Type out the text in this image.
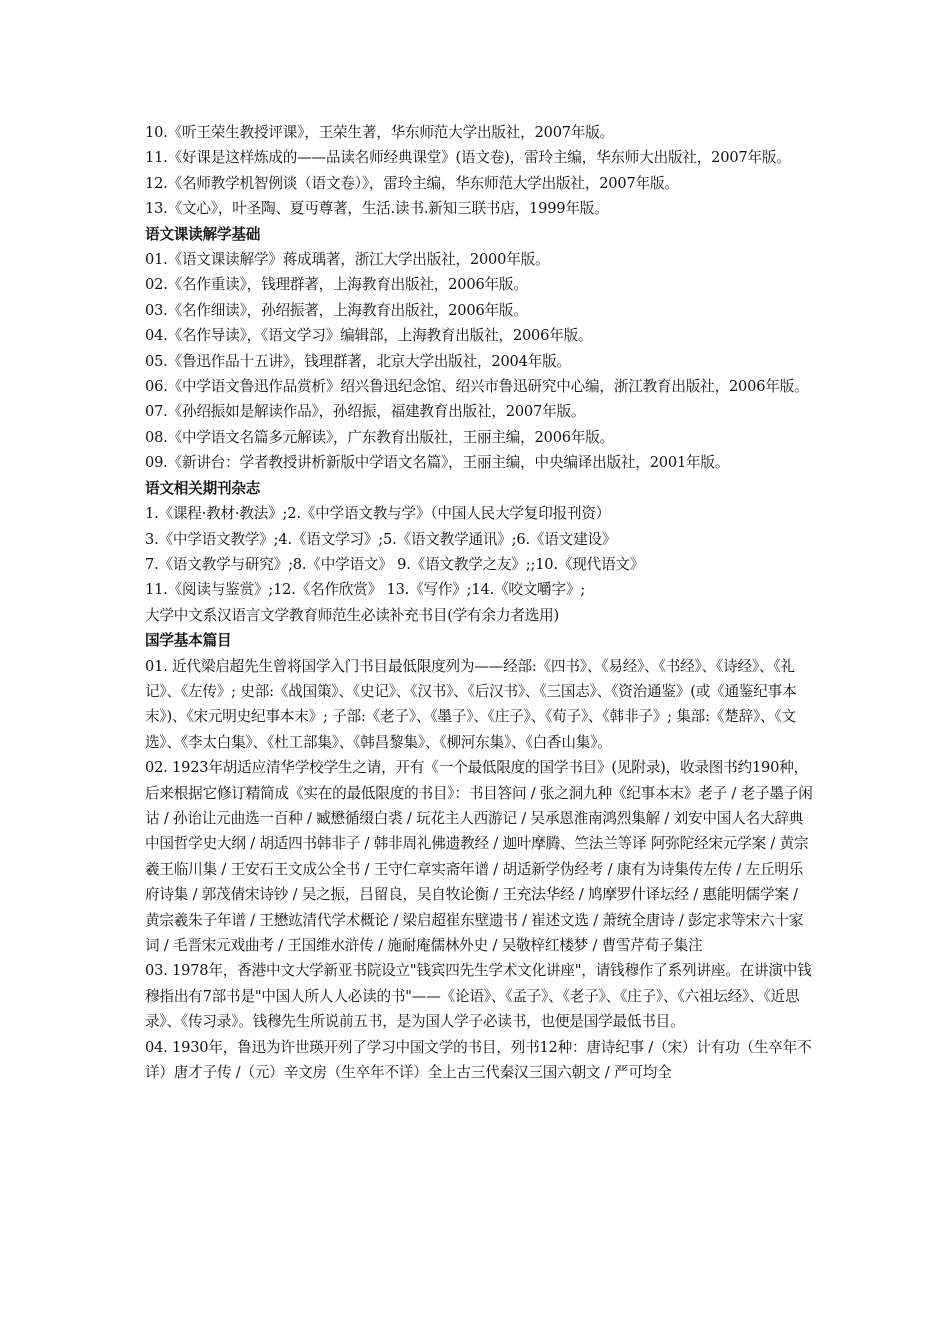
10.《听王荣生教授评课》，王荣生著，华东师范大学出版社，2007年版。

11.《好课是这样炼成的——品读名师经典课堂》(语文卷)，雷玲主编，华东师大出版社，2007年版。

12.《名师教学机智例谈（语文卷）》，雷玲主编，华东师范大学出版社，2007年版。

13.《文心》，叶圣陶、夏丏尊著，生活.读书.新知三联书店，1999年版。

语文课读解学基础

01.《语文课读解学》蒋成瑀著，浙江大学出版社，2000年版。

02.《名作重读》，钱理群著，上海教育出版社，2006年版。

03.《名作细读》，孙绍振著，上海教育出版社，2006年版。

04.《名作导读》，《语文学习》编辑部，上海教育出版社，2006年版。

05.《鲁迅作品十五讲》，钱理群著，北京大学出版社，2004年版。

06.《中学语文鲁迅作品赏析》绍兴鲁迅纪念馆、绍兴市鲁迅研究中心编，浙江教育出版社，2006年版。

07.《孙绍振如是解读作品》，孙绍振，福建教育出版社，2007年版。

08.《中学语文名篇多元解读》，广东教育出版社，王丽主编，2006年版。

09.《新讲台：学者教授讲析新版中学语文名篇》，王丽主编，中央编译出版社，2001年版。

语文相关期刊杂志

1.《课程·教材·教法》;2.《中学语文教与学》（中国人民大学复印报刊资）

3.《中学语文教学》;4.《语文学习》;5.《语文教学通讯》;6.《语文建设》

7.《语文教学与研究》;8.《中学语文》 9.《语文教学之友》;;10.《现代语文》

11.《阅读与鉴赏》;12.《名作欣赏》 13.《写作》;14.《咬文嚼字》;

大学中文系汉语言文学教育师范生必读补充书目(学有余力者选用)

国学基本篇目

01. 近代梁启超先生曾将国学入门书目最低限度列为——经部:《四书》、《易经》、《书经》、《诗经》、《礼记》、《左传》; 史部:《战国策》、《史记》、《汉书》、《后汉书》、《三国志》、《资治通鉴》(或《通鉴纪事本末》)、《宋元明史纪事本末》; 子部:《老子》、《墨子》、《庄子》、《荀子》、《韩非子》; 集部:《楚辞》、《文选》、《李太白集》、《杜工部集》、《韩昌黎集》、《柳河东集》、《白香山集》。

02. 1923年胡适应清华学校学生之请，开有《一个最低限度的国学书目》(见附录)，收录图书约190种，后来根据它修订精简成《实在的最低限度的书目》：书目答问 / 张之洞九种《纪事本末》老子 / 老子墨子闲诂 / 孙诒让元曲选一百种 / 臧懋循缀白裘 / 玩花主人西游记 / 吴承恩淮南鸿烈集解 / 刘安中国人名大辞典中国哲学史大纲 / 胡适四书韩非子 / 韩非周礼佛遗教经 / 迦叶摩腾、竺法兰等译 阿弥陀经宋元学案 / 黄宗羲王临川集 / 王安石王文成公全书 / 王守仁章实斋年谱 / 胡适新学伪经考 / 康有为诗集传左传 / 左丘明乐府诗集 / 郭茂倩宋诗钞 / 吴之振，吕留良，吴自牧论衡 / 王充法华经 / 鸠摩罗什译坛经 / 惠能明儒学案 / 黄宗羲朱子年谱 / 王懋竑清代学术概论 / 梁启超崔东壁遗书 / 崔述文选 / 萧统全唐诗 / 彭定求等宋六十家词 / 毛晋宋元戏曲考 / 王国维水浒传 / 施耐庵儒林外史 / 吴敬梓红楼梦 / 曹雪芹荀子集注

03. 1978年，香港中文大学新亚书院设立"钱宾四先生学术文化讲座"，请钱穆作了系列讲座。在讲演中钱穆指出有7部书是"中国人所人人必读的书"——《论语》、《孟子》、《老子》、《庄子》、《六祖坛经》、《近思录》、《传习录》。钱穆先生所说前五书，是为国人学子必读书，也便是国学最低书目。

04. 1930年，鲁迅为许世瑛开列了学习中国文学的书目，列书12种：唐诗纪事 /（宋）计有功（生卒年不详）唐才子传 /（元）辛文房（生卒年不详）全上古三代秦汉三国六朝文 / 严可均全
